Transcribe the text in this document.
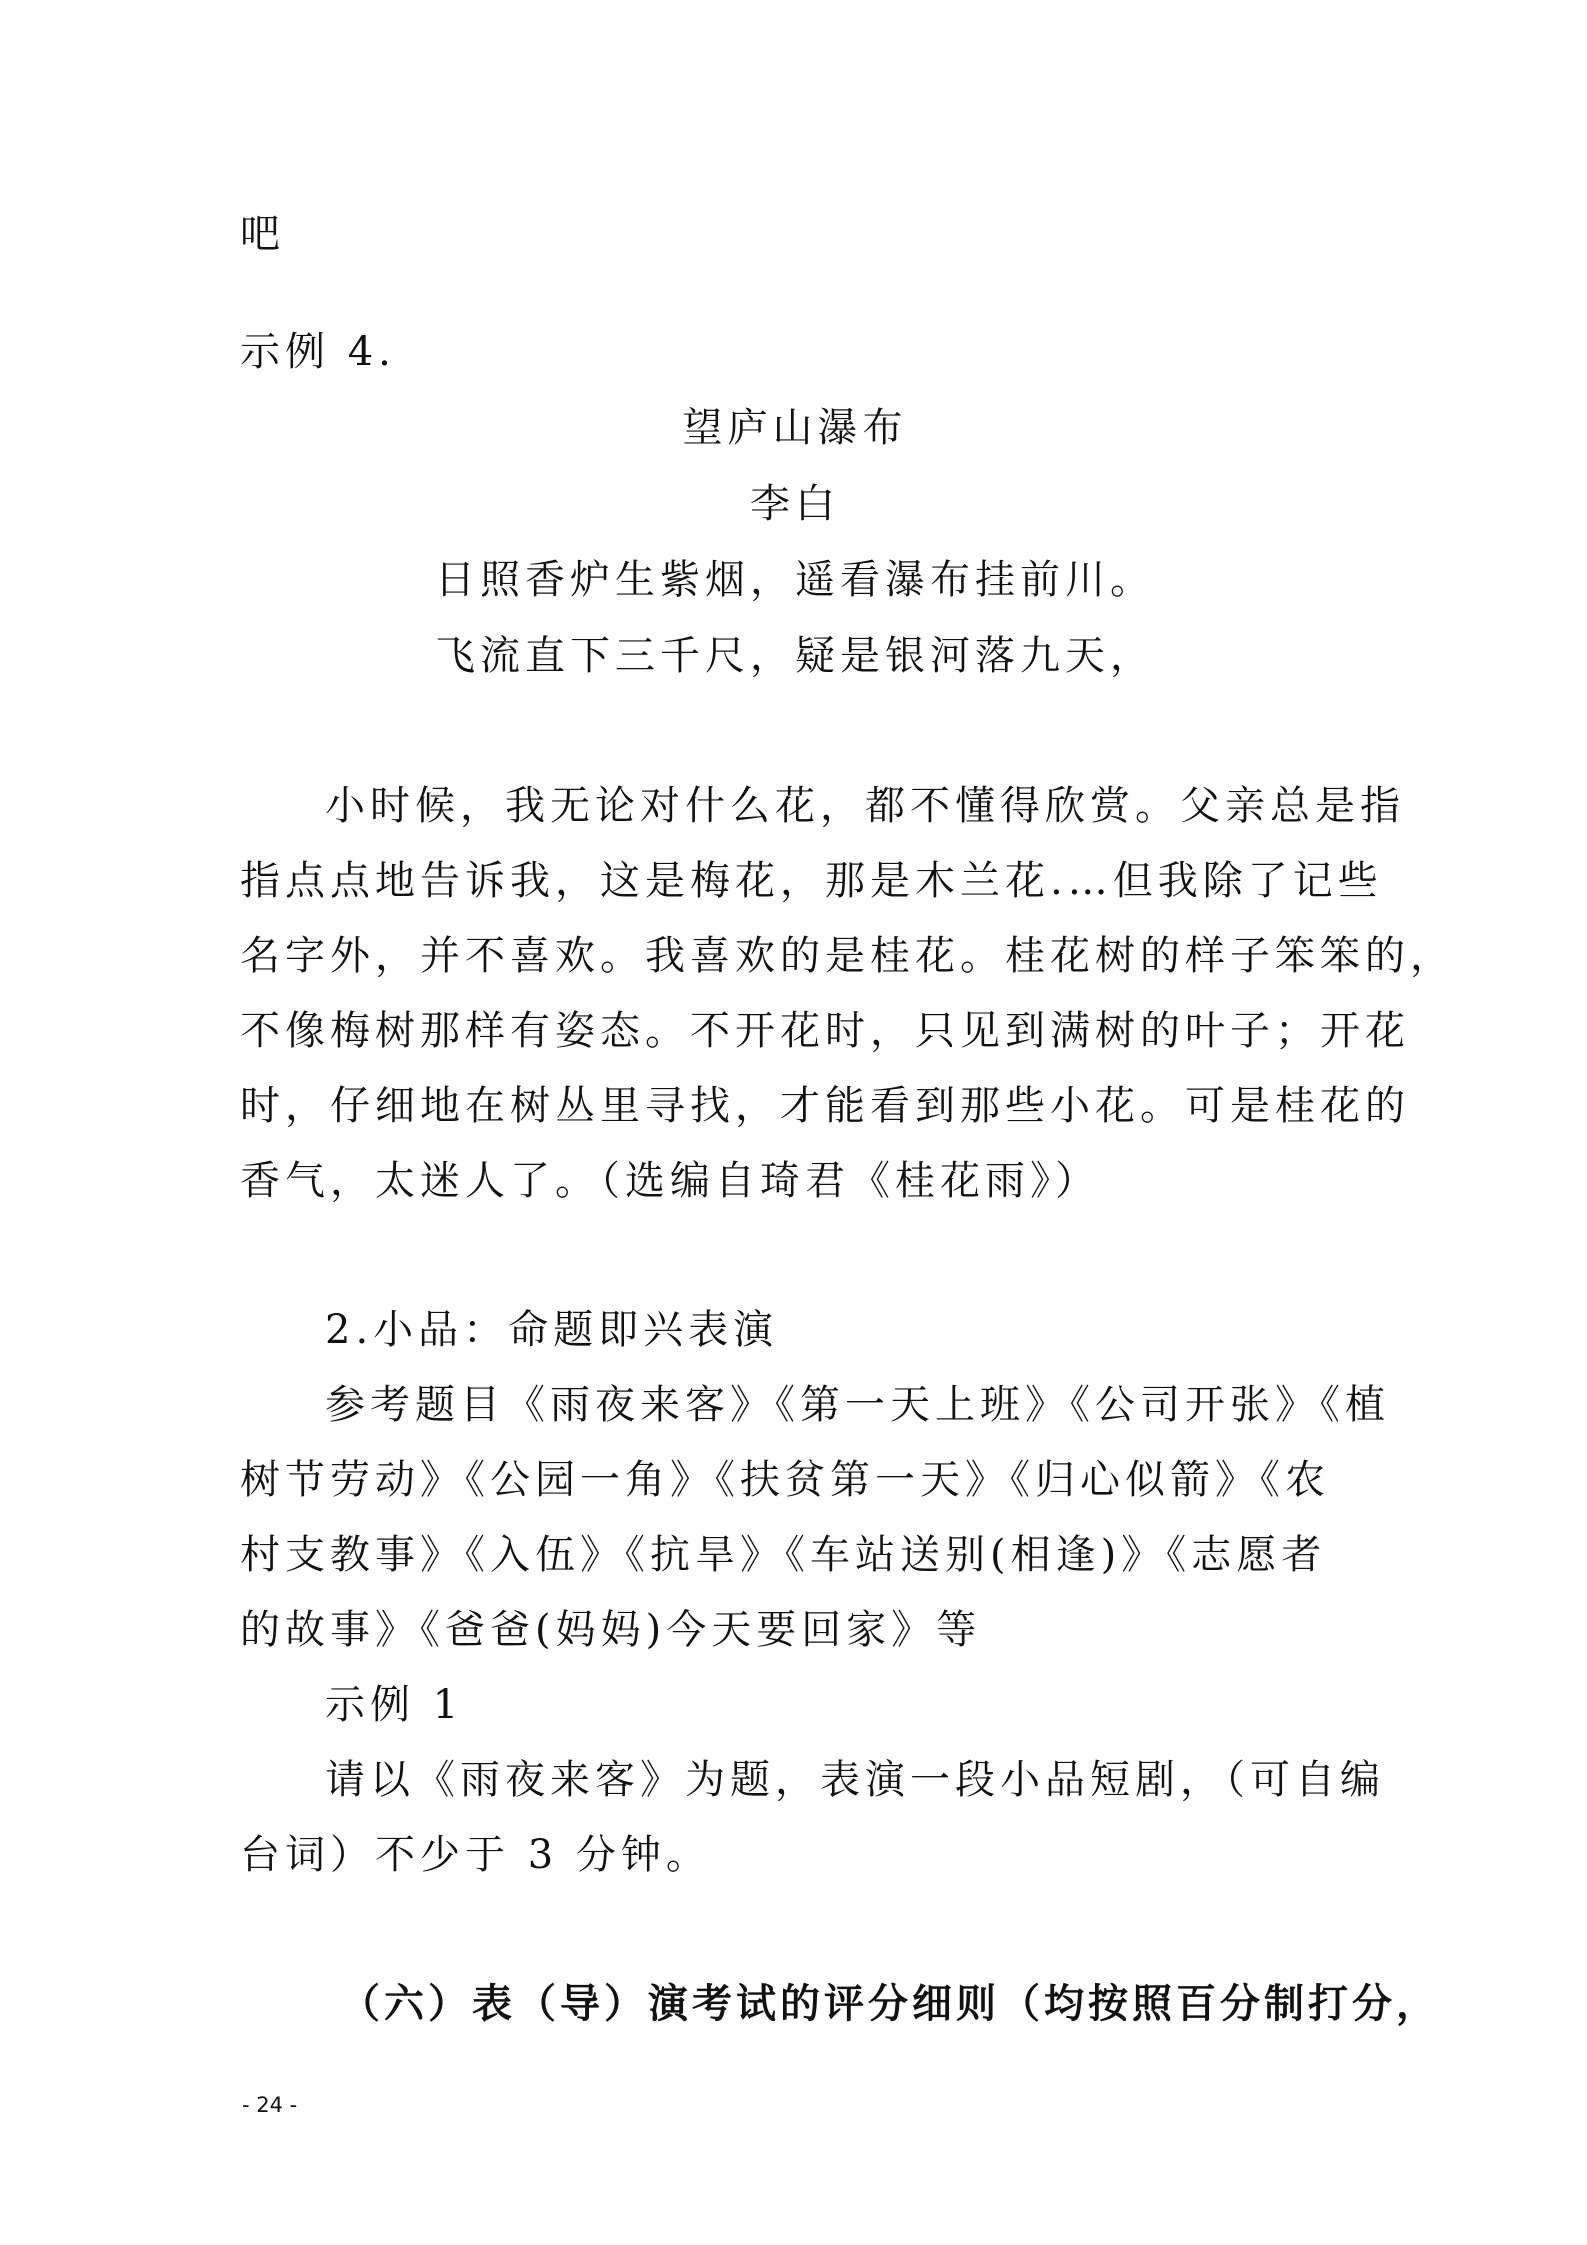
吧
示例 4.
望庐山瀑布
李白
日照香炉生紫烟，遥看瀑布挂前川。
飞流直下三千尺，疑是银河落九天，
小时候，我无论对什么花，都不懂得欣赏。父亲总是指
指点点地告诉我，这是梅花，那是木兰花.…但我除了记些
名字外，并不喜欢。我喜欢的是桂花。桂花树的样子笨笨的，
不像梅树那样有姿态。不开花时，只见到满树的叶子；开花
时，仔细地在树丛里寻找，才能看到那些小花。可是桂花的
香气，太迷人了。（选编自琦君《桂花雨》）
2.小品：命题即兴表演
参考题目《雨夜来客》《第一天上班》《公司开张》《植
树节劳动》《公园一角》《扶贫第一天》《归心似箭》《农
村支教事》《入伍》《抗旱》《车站送别(相逢)》《志愿者
的故事》《爸爸(妈妈)今天要回家》等
示例 1
请以《雨夜来客》为题，表演一段小品短剧，（可自编
台词）不少于 3 分钟。
（六）表（导）演考试的评分细则（均按照百分制打分，
- 24 -
